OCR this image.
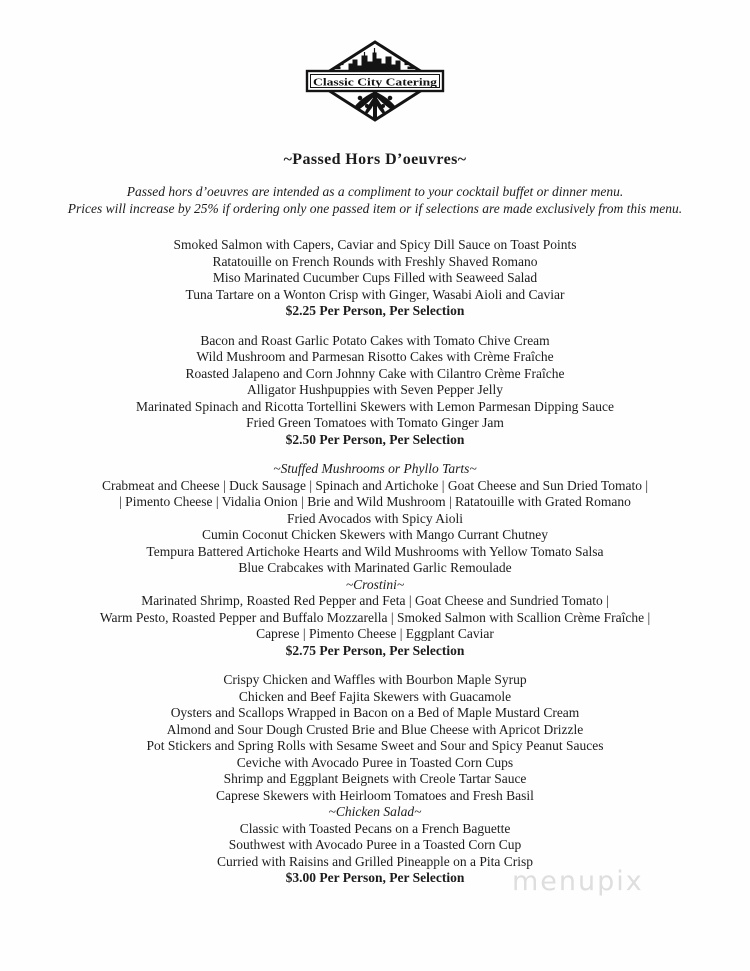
Classic City Catering
~Passed Hors D’oeuvres~
Passed hors d’oeuvres are intended as a compliment to your cocktail buffet or dinner menu.
Prices will increase by 25% if ordering only one passed item or if selections are made exclusively from this menu.
Smoked Salmon with Capers, Caviar and Spicy Dill Sauce on Toast Points
Ratatouille on French Rounds with Freshly Shaved Romano
Miso Marinated Cucumber Cups Filled with Seaweed Salad
Tuna Tartare on a Wonton Crisp with Ginger, Wasabi Aioli and Caviar
$2.25 Per Person, Per Selection
Bacon and Roast Garlic Potato Cakes with Tomato Chive Cream
Wild Mushroom and Parmesan Risotto Cakes with Crème Fraîche
Roasted Jalapeno and Corn Johnny Cake with Cilantro Crème Fraîche
Alligator Hushpuppies with Seven Pepper Jelly
Marinated Spinach and Ricotta Tortellini Skewers with Lemon Parmesan Dipping Sauce
Fried Green Tomatoes with Tomato Ginger Jam
$2.50 Per Person, Per Selection
~Stuffed Mushrooms or Phyllo Tarts~
Crabmeat and Cheese | Duck Sausage | Spinach and Artichoke | Goat Cheese and Sun Dried Tomato |
| Pimento Cheese | Vidalia Onion | Brie and Wild Mushroom | Ratatouille with Grated Romano
Fried Avocados with Spicy Aioli
Cumin Coconut Chicken Skewers with Mango Currant Chutney
Tempura Battered Artichoke Hearts and Wild Mushrooms with Yellow Tomato Salsa
Blue Crabcakes with Marinated Garlic Remoulade
~Crostini~
Marinated Shrimp, Roasted Red Pepper and Feta | Goat Cheese and Sundried Tomato |
Warm Pesto, Roasted Pepper and Buffalo Mozzarella | Smoked Salmon with Scallion Crème Fraîche |
Caprese | Pimento Cheese | Eggplant Caviar
$2.75 Per Person, Per Selection
Crispy Chicken and Waffles with Bourbon Maple Syrup
Chicken and Beef Fajita Skewers with Guacamole
Oysters and Scallops Wrapped in Bacon on a Bed of Maple Mustard Cream
Almond and Sour Dough Crusted Brie and Blue Cheese with Apricot Drizzle
Pot Stickers and Spring Rolls with Sesame Sweet and Sour and Spicy Peanut Sauces
Ceviche with Avocado Puree in Toasted Corn Cups
Shrimp and Eggplant Beignets with Creole Tartar Sauce
Caprese Skewers with Heirloom Tomatoes and Fresh Basil
~Chicken Salad~
Classic with Toasted Pecans on a French Baguette
Southwest with Avocado Puree in a Toasted Corn Cup
Curried with Raisins and Grilled Pineapple on a Pita Crisp
$3.00 Per Person, Per Selection	menupix
